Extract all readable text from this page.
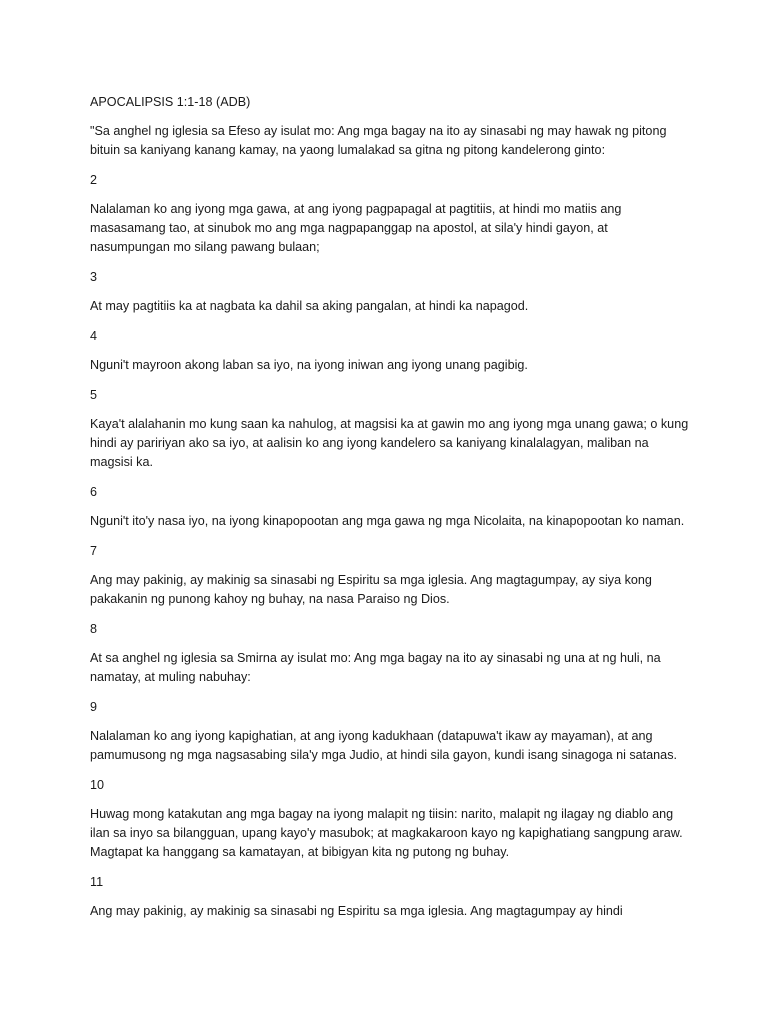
APOCALIPSIS 1:1-18 (ADB)
"Sa anghel ng iglesia sa Efeso ay isulat mo: Ang mga bagay na ito ay sinasabi ng may hawak ng pitong bituin sa kaniyang kanang kamay, na yaong lumalakad sa gitna ng pitong kandelerong ginto:
2
Nalalaman ko ang iyong mga gawa, at ang iyong pagpapagal at pagtitiis, at hindi mo matiis ang masasamang tao, at sinubok mo ang mga nagpapanggap na apostol, at sila'y hindi gayon, at nasumpungan mo silang pawang bulaan;
3
At may pagtitiis ka at nagbata ka dahil sa aking pangalan, at hindi ka napagod.
4
Nguni't mayroon akong laban sa iyo, na iyong iniwan ang iyong unang pagibig.
5
Kaya't alalahanin mo kung saan ka nahulog, at magsisi ka at gawin mo ang iyong mga unang gawa; o kung hindi ay paririyan ako sa iyo, at aalisin ko ang iyong kandelero sa kaniyang kinalalagyan, maliban na magsisi ka.
6
Nguni't ito'y nasa iyo, na iyong kinapopootan ang mga gawa ng mga Nicolaita, na kinapopootan ko naman.
7
Ang may pakinig, ay makinig sa sinasabi ng Espiritu sa mga iglesia. Ang magtagumpay, ay siya kong pakakanin ng punong kahoy ng buhay, na nasa Paraiso ng Dios.
8
At sa anghel ng iglesia sa Smirna ay isulat mo: Ang mga bagay na ito ay sinasabi ng una at ng huli, na namatay, at muling nabuhay:
9
Nalalaman ko ang iyong kapighatian, at ang iyong kadukhaan (datapuwa't ikaw ay mayaman), at ang pamumusong ng mga nagsasabing sila'y mga Judio, at hindi sila gayon, kundi isang sinagoga ni satanas.
10
Huwag mong katakutan ang mga bagay na iyong malapit ng tiisin: narito, malapit ng ilagay ng diablo ang ilan sa inyo sa bilangguan, upang kayo'y masubok; at magkakaroon kayo ng kapighatiang sangpung araw. Magtapat ka hanggang sa kamatayan, at bibigyan kita ng putong ng buhay.
11
Ang may pakinig, ay makinig sa sinasabi ng Espiritu sa mga iglesia. Ang magtagumpay ay hindi
